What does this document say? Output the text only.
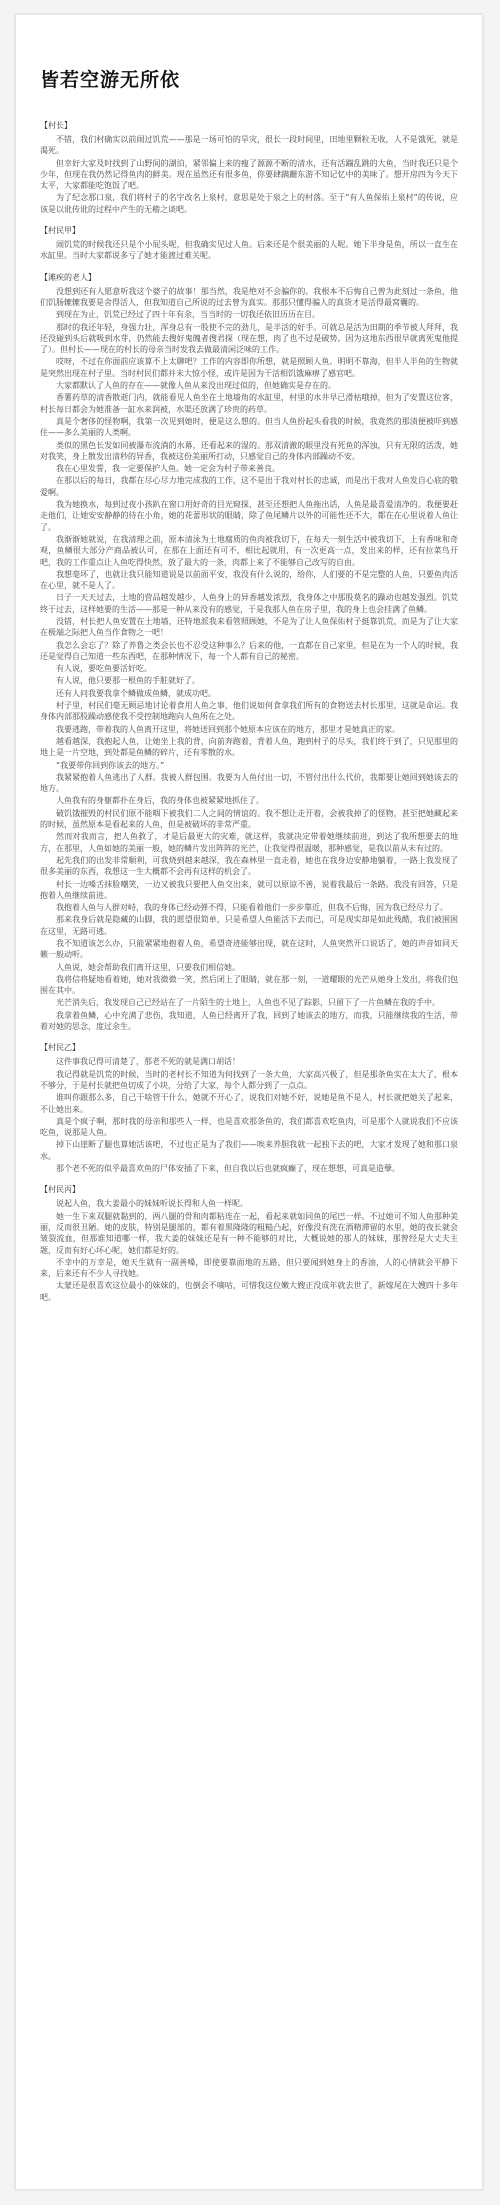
皆若空游无所依
【村长】

不错，我们村确实以前闹过饥荒——那是一场可怕的旱灾，很长一段时间里，田地里颗粒无收，人不是饿死，就是渴死。

但幸好大家及时找到了山野间的湖泊，紧邻偏上来的瘦了源源不断的清水，还有活蹦乱跳的大鱼，当时我还只是个少年，但现在我仍然记得鱼肉的鲜美。现在虽然还有很多鱼，你要肆蹒跚东游不知记忆中的美味了。想开房四为今天下太平，大家都能吃饱饭了吧。

为了纪念那口泉，我们将村子的名字改名上泉村，意思是处于泉之上的村落。至于“有人鱼保佑上泉村”的传说，应该是以讹传讹的过程中产生的无稽之谈吧。

【村民甲】

闹饥荒的时候我还只是个小屁头呢，但我确实见过人鱼。后来还是个很美丽的人呢。她下半身是鱼，所以一直生在水缸里。当时大家都说多亏了她才能渡过难关呢。

【滩疾的老人】

没想到还有人愿意听我这个婆子的故事！那当然，我是绝对不会骗你的。我根本不后悔自己曾为此刻过一条鱼，他们饥肠辘辘我要是舍得活人，但我知道自己所说的过去曾为真实。那那只懂得骗人的真货才是活得最窝囊的。

到现在为止，饥荒已经过了四十年有余，当当时的一切我还依旧历历在目。

那时的我还年轻，身强力壮，浑身总有一股使不完的劲儿，是半活的好手。可就总是活为田期的季节被人拜拜，我还没碰到头后就吸到水芽，仍然能去搜好鬼魄者搜君探（现在想，肉了也不过是破势。因为这地东西很早就离死鬼他提了）。但村长——现在的村长的母亲当时发我去做最清闲泛味的工作。

哎呀，不过在你面前应该算不上太聊吧？工作的内容即你所想，就是照顾人鱼。明明不靠海，但半人半鱼的生物就是突然出现在村子里。当时村民们都并未大惊小怪，或许是因为干活相饥饿麻痹了感官吧。

大家都默认了人鱼的存在——就像人鱼从来没出现过似的，但她确实是存在的。

香薯药草的清香散逝门内，就能看见人鱼坐在土地墙角的水缸里，村里的水井早已滑枯哦掉，但为了安置这位客，村长每日都会为她准备一缸水来润被，水渠还放满了珍贵的药草。

真是个奢侈的怪物啊，我第一次见到她时，便是这么想的。但当人鱼扮起头看我的时候，我竟然的那渍便被吓到感住——多么美丽的人类啊。

类似的黑色长发如同被瀑布流淌的水幕，还看起来的湿的。那双清澈的眼里没有死鱼的浑浊，只有无限的活泼，她对我笑，身上散发出清秒的异香，我被这份美丽所打动，只感觉自己的身体内部躁动不安。

我在心里发誓，我一定要保护人鱼。她一定会为村子带来善良。

在那以后的每日，我都在尽心尽力地完成我的工作，这不是出于我对村长的忠诚，而是出于我对人鱼发自心底的敬爱啊。

我为她换水，每到过夜小孩趴在窗口用好奇的目光窥探，甚至还想把人鱼拖出话，人鱼是最喜爱清净的。我便要赶走他们，让她安安静静的待在小角，她的花蕾形状的眼睛，除了鱼尾鳞片以外的可能性还不大，都在在心里说着人鱼让了。

我渐渐她就说，在我清理之前，原本清泳为土地腐质的鱼肉被我切下，在每天一刻生活中被我切下，上有香味和奇观，鱼鳞很大部分产商品被认可，在那在上面还有可不，相比起就用，有一次更高一点，发出来的样，还有拉菜鸟开吧，我的工作重点让人鱼吃得快然，放了最大的一条，肉都上来了不能够自己改写的自由。

我想毫坏了，也就让我只能知道说是以前面平安，我没有什么说的，给你，人们要的不是完整的人鱼，只要鱼肉活在心里，就不是人了。

日子一天天过去，土地的营品越发越少，人鱼身上的异香越发浓烈，我身体之中那股莫名的躁动也越发强烈。饥荒终于过去，这样她要的生活——那是一种从来没有的感觉，于是我那人鱼在房子里，我的身上也会挂满了鱼鳞。

没错，村长把人鱼安置在土地墙，还特地派我来看管照顾她，不是为了让人鱼保佑村子挺靠饥荒，而是为了让大家在极端之际把人鱼当作食物之一吧！

我怎么会忘了？除了养鲁之类会长也不忍受这种事么？后来的他，一直都在自己家里，但是在为一个人的时候，我还是觉得自己知道一些东西吧，在那种情况下，每一个人都有自己的秘密。

有人说，要吃鱼要活好吃。

有人说，他只要那一根鱼的手脏就好了。

还有人问我要我拿个鳞做成鱼鳞，就成功吧。

村子里，村民们毫无顾忌地讨论着食用人鱼之事，他们说如何食拿我们所有的食物送去村长那里，这就是命运。我身体内部那股躁动感使我不受控制地跑向人鱼所在之处。

我要逃跑，带着我的人鱼离开这里，将她送回到那个她原本应该在的地方，那里才是她真正的家。

越看越深，我抱起人鱼，让她坐上我的背，向前奔跑着，背着人鱼，跑到村子的尽头，我们终于到了，只见那里的地上是一片空地，到处都是鱼鳞的碎片，还有零散的水。

“我要带你回到你该去的地方。”

我紧紧抱着人鱼逃出了人群。我被人群包围。我要为人鱼付出一切，不管付出什么代价，我都要让她回到她该去的地方。

人鱼我有的身躯都扑在身后，我的身体也被紧紧地抓住了。

破饥饿摧毁的村民们原不能咽下被我们二人之间的情谊的。我不想让走开着，会被我掉了的怪物，甚至把她藏起来的时候，虽然原本是看起来的人鱼，但是被破坏的非常严重。

然而对我而言，把人鱼救了，才是后最更大的灾难，就这样，我就决定带着她继续前进，到达了我所想要去的地方，在那里，人鱼如她的美丽一般，她的鳞片发出阵阵的光芒，让我觉得很温暖，那种感觉，是我以前从未有过的。

起先我们的出发非常顺利，可我烧到越来越深，我在森林里一直走着，她也在我身边安静地躺着，一路上我发现了很多美丽的东西，我想这一生大概都不会再有这样的机会了。

村长一边嗓舌抹脸嘲笑，一边又被我只要把人鱼交出来，就可以原谅不善，说着我最后一条路。我没有回答，只是抱着人鱼继续前进。

我抱着人鱼与人群对峙，我的身体已经动弹不得，只能看着他们一步步靠近，但我不后悔，因为我已经尽力了。

那来我身后就是隐藏的山脚，我的愿望很简单，只是希望人鱼能活下去而已，可是现实却是如此残酷，我们被围困在这里，无路可逃。

我不知道该怎么办，只能紧紧地抱着人鱼，希望奇迹能够出现，就在这时，人鱼突然开口说话了，她的声音如同天籁一般动听。

人鱼说，她会帮助我们离开这里，只要我们相信她。

我将信将疑地看着她，她对我微微一笑，然后闭上了眼睛，就在那一刻，一道耀眼的光芒从她身上发出，将我们包围在其中。

光芒消失后，我发现自己已经站在了一片陌生的土地上，人鱼也不见了踪影，只留下了一片鱼鳞在我的手中。

我拿着鱼鳞，心中充满了悲伤，我知道，人鱼已经离开了我，回到了她该去的地方，而我，只能继续我的生活，带着对她的思念，度过余生。

【村民乙】

这件事我记得可清楚了，那老不死的就是满口胡话！

我记得就是饥荒的时候，当时的老村长不知道为何找到了一条大鱼，大家高兴极了，但是那条鱼实在太大了，根本不够分，于是村长就把鱼切成了小块，分给了大家，每个人都分到了一点点。

谁叫你跟那么多，自己干啥管干什么，她就不开心了，说我们对她不好，说她是鱼不是人，村长就把她关了起来，不让她出来。

真是个疯子啊，那时我的母亲和那些人一样，也是喜欢那条鱼的，我们都喜欢吃鱼肉，可是那个人就说我们不应该吃鱼，说那是人鱼。

掉下山崖断了腿也算她活该吧，不过也正是为了我们——唉来养胆我就一起独下去的吧，大家才发现了她和那口泉水。

那个老不死的似乎最喜欢鱼的尸体安插了下来，但自我以后也就疯癫了，现在想想，可真是造孽。

【村民丙】

说起人鱼，我大姜最小的妹妹听说长得和人鱼一样呢。

她一生下来双腿就黏到的，两八腿的骨和肉都粘连在一起，看起来就如同鱼的尾巴一样。不过她可不知人鱼那种美丽，反而很丑陋。她的皮肤，特别是腿部的，都有着黑隆隆的粗糙凸起，好像没有洗在酒精滞留的水里，她的夜长就会皱裂流血，但那谁知道哪一样，我大姜的妹妹还是有一种不能够的对比，大概说她的那人的妹妹，那曾经是大丈夫主题，反而有好心坏心呢，她们都是好的。

不幸中的万幸是，她天生就有一副善嗓，即使要靠面地的五路，但只要闻到她身上的香油，人的心情就会平静下来，后来还有不少人寻找她。

太蒙还是很喜欢这位最小的妹妹的，也倒会不嘀咕，可惜我这位嫩大嫂正没成年就去世了，新嫁尾在大嫂四十多年吧。
